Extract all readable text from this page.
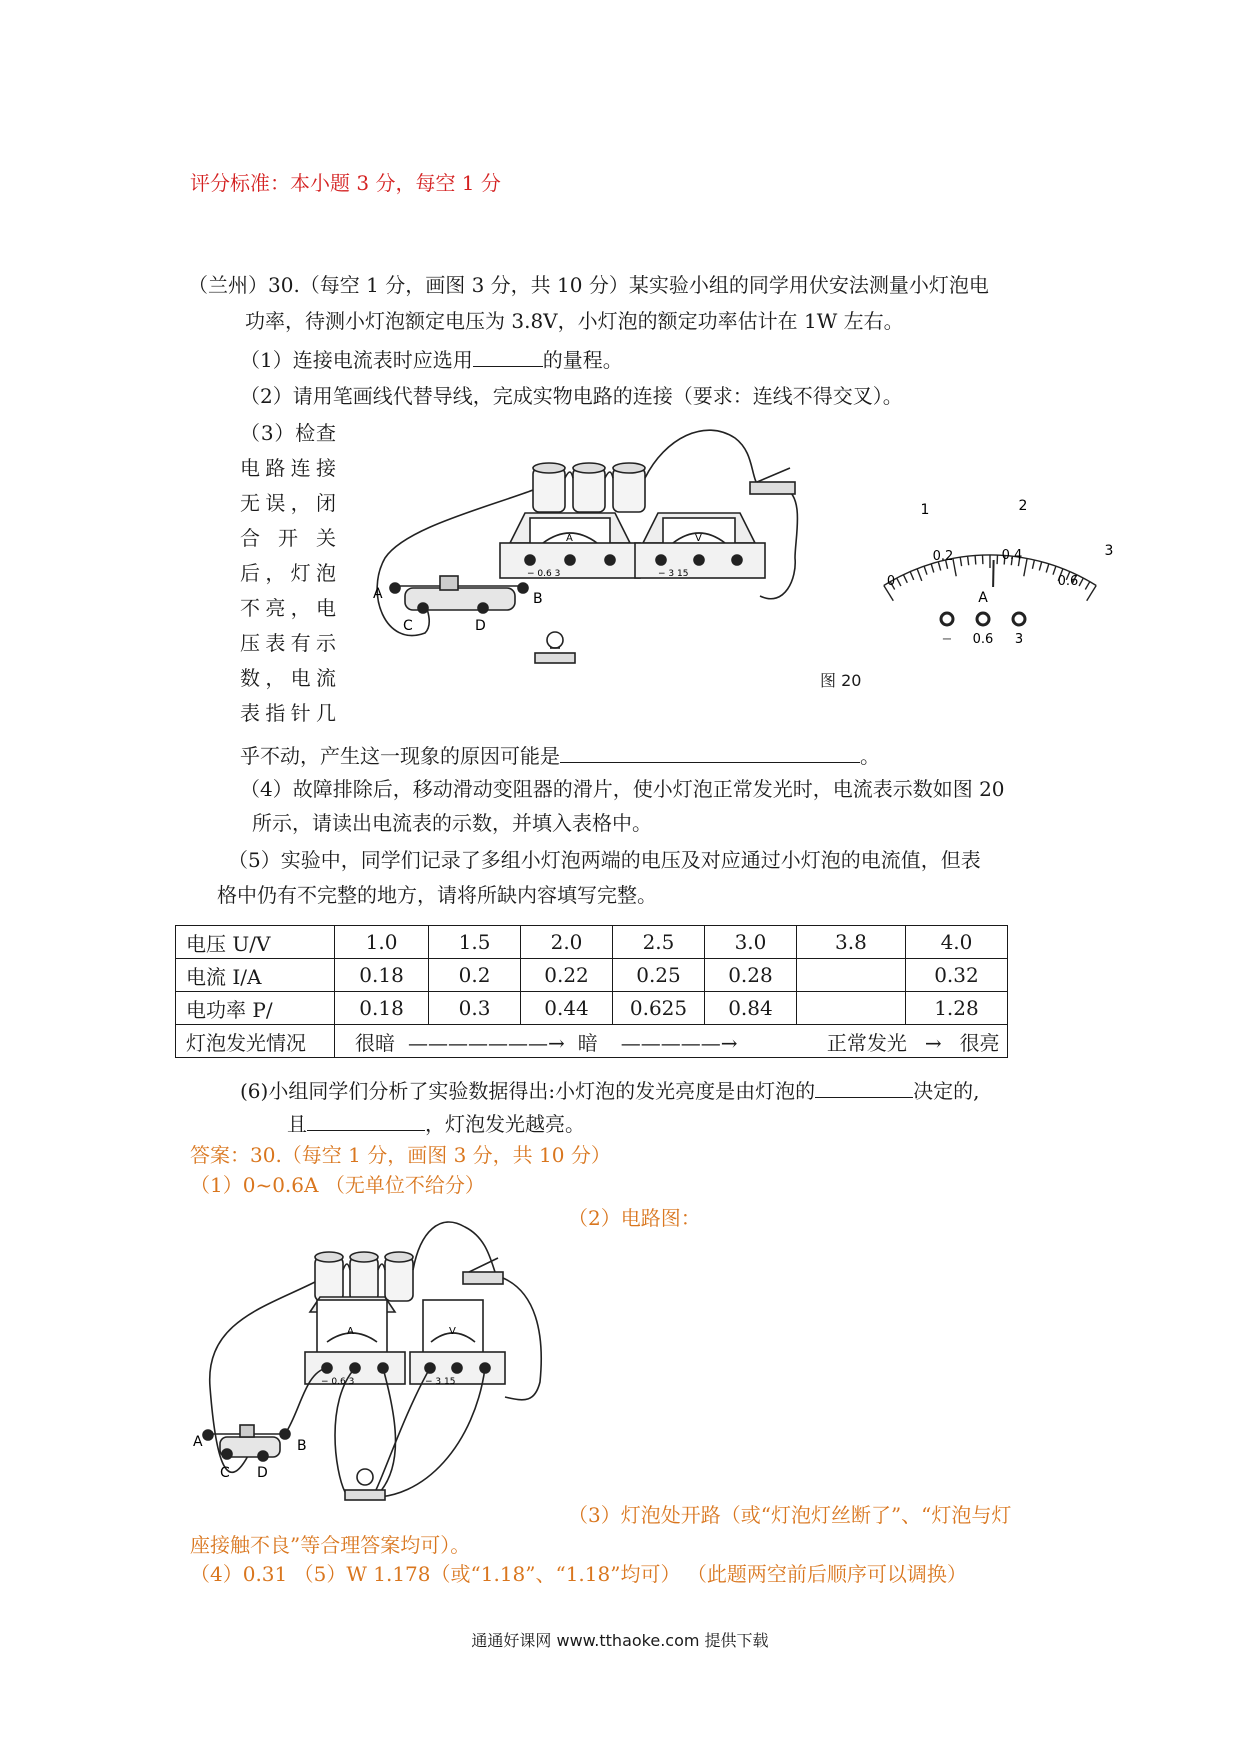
评分标准：本小题 3 分，每空 1 分
（兰州）30.（每空 1 分，画图 3 分，共 10 分）某实验小组的同学用伏安法测量小灯泡电
功率，待测小灯泡额定电压为 3.8V，小灯泡的额定功率估计在 1W 左右。
（1）连接电流表时应选用	的量程。
（2）请用笔画线代替导线，完成实物电路的连接（要求：连线不得交叉）。
（3）检查
电路连接
无误，闭
合开关
后，灯泡
不亮，电
压表有示
数，电流
表指针几
A	B
C	D
A	V
− 0.6 3	− 3 15
1	2
3
0
0.2	0.4
0.6
A
− 0.6 3
图 20
乎不动，产生这一现象的原因可能是	。
（4）故障排除后，移动滑动变阻器的滑片，使小灯泡正常发光时，电流表示数如图 20
所示，请读出电流表的示数，并填入表格中。
（5）实验中，同学们记录了多组小灯泡两端的电压及对应通过小灯泡的电流值，但表
格中仍有不完整的地方，请将所缺内容填写完整。
电压 U/V	1.0	1.5	2.0	2.5	3.0	3.8	4.0
电流 I/A	0.18	0.2	0.22	0.25	0.28		0.32
电功率 P/	0.18	0.3	0.44	0.625	0.84		1.28
灯泡发光情况	很暗 ———————→ 暗 —————→ 正常发光 → 很亮						
(6)小组同学们分析了实验数据得出:小灯泡的发光亮度是由灯泡的	决定的,
且	，灯泡发光越亮。
答案：30.（每空 1 分，画图 3 分，共 10 分）
（1）0~0.6A （无单位不给分）
（2）电路图：
A	B
C D
A	V
− 0.6 3	− 3 15
（3）灯泡处开路（或“灯泡灯丝断了”、“灯泡与灯
座接触不良”等合理答案均可）。
（4）0.31 （5）W 1.178（或“1.18”、“1.18”均可） （此题两空前后顺序可以调换）
通通好课网 www.tthaoke.com 提供下载
